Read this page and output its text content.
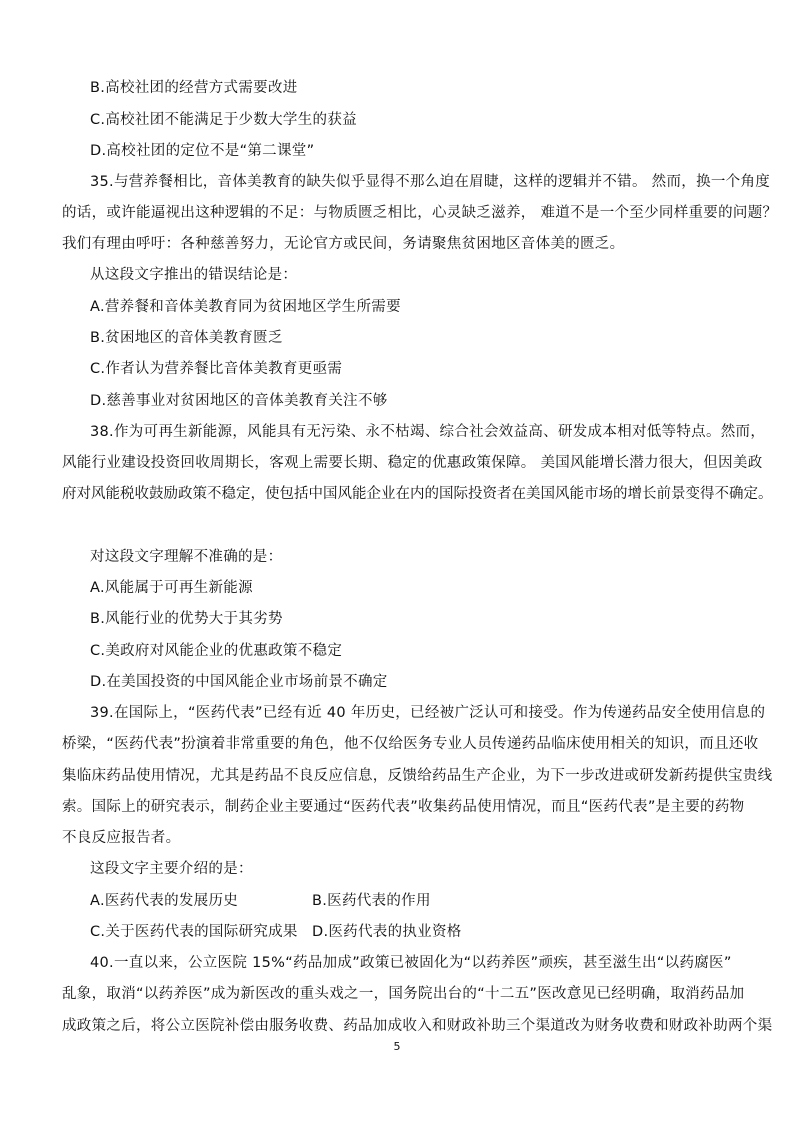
B.高校社团的经营方式需要改进
C.高校社团不能满足于少数大学生的获益
D.高校社团的定位不是“第二课堂”
35.与营养餐相比，音体美教育的缺失似乎显得不那么迫在眉睫，这样的逻辑并不错。 然而，换一个角度
的话，或许能逼视出这种逻辑的不足：与物质匮乏相比，心灵缺乏滋养， 难道不是一个至少同样重要的问题？
我们有理由呼吁：各种慈善努力，无论官方或民间，务请聚焦贫困地区音体美的匮乏。
从这段文字推出的错误结论是：
A.营养餐和音体美教育同为贫困地区学生所需要
B.贫困地区的音体美教育匮乏
C.作者认为营养餐比音体美教育更亟需
D.慈善事业对贫困地区的音体美教育关注不够
38.作为可再生新能源，风能具有无污染、永不枯竭、综合社会效益高、研发成本相对低等特点。然而，
风能行业建设投资回收周期长，客观上需要长期、稳定的优惠政策保障。 美国风能增长潜力很大，但因美政
府对风能税收鼓励政策不稳定，使包括中国风能企业在内的国际投资者在美国风能市场的增长前景变得不确定。
对这段文字理解不准确的是：
A.风能属于可再生新能源
B.风能行业的优势大于其劣势
C.美政府对风能企业的优惠政策不稳定
D.在美国投资的中国风能企业市场前景不确定
39.在国际上，“医药代表”已经有近 40 年历史，已经被广泛认可和接受。作为传递药品安全使用信息的
桥梁，“医药代表”扮演着非常重要的角色，他不仅给医务专业人员传递药品临床使用相关的知识，而且还收
集临床药品使用情况，尤其是药品不良反应信息，反馈给药品生产企业，为下一步改进或研发新药提供宝贵线
索。国际上的研究表示，制药企业主要通过“医药代表”收集药品使用情况，而且“医药代表”是主要的药物
不良反应报告者。
这段文字主要介绍的是：
A.医药代表的发展历史	B.医药代表的作用
C.关于医药代表的国际研究成果 D.医药代表的执业资格
40.一直以来，公立医院 15%“药品加成”政策已被固化为“以药养医”顽疾，甚至滋生出“以药腐医”
乱象，取消“以药养医”成为新医改的重头戏之一，国务院出台的“十二五”医改意见已经明确，取消药品加
成政策之后，将公立医院补偿由服务收费、药品加成收入和财政补助三个渠道改为财务收费和财政补助两个渠
5
